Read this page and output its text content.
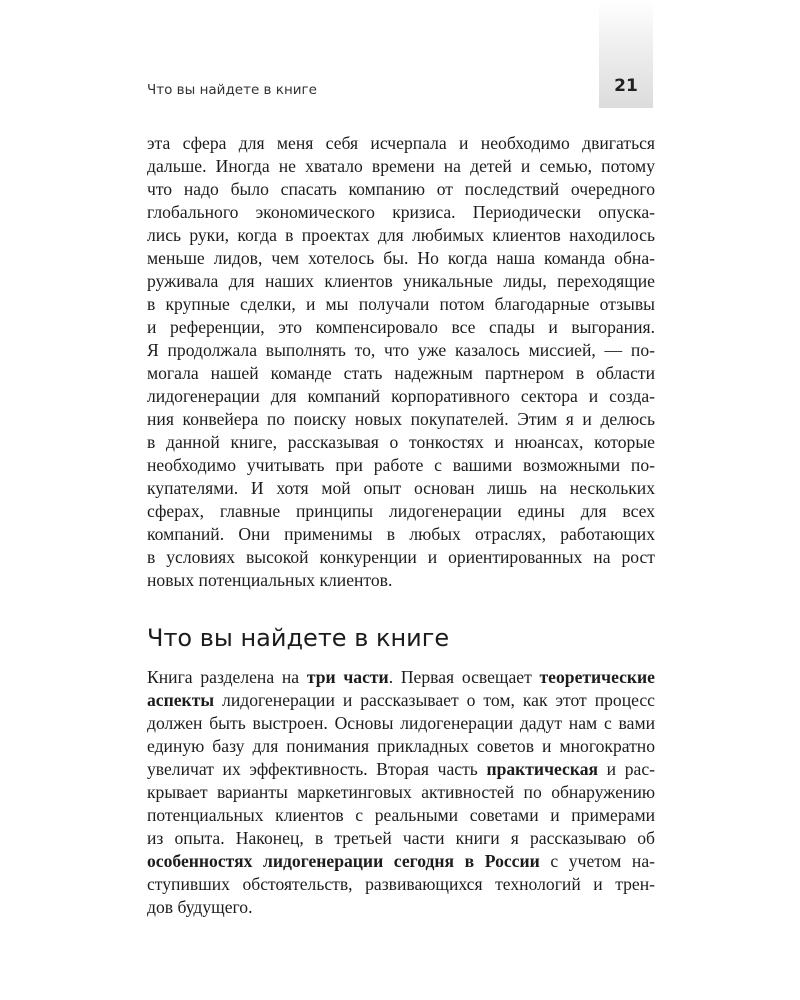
21
Что вы найдете в книге

эта сфера для меня себя исчерпала и необходимо двигаться
дальше. Иногда не хватало времени на детей и семью, потому
что надо было спасать компанию от последствий очередного
глобального экономического кризиса. Периодически опуска-
лись руки, когда в проектах для любимых клиентов находилось
меньше лидов, чем хотелось бы. Но когда наша команда обна-
руживала для наших клиентов уникальные лиды, переходящие
в крупные сделки, и мы получали потом благодарные отзывы
и референции, это компенсировало все спады и выгорания.
Я продолжала выполнять то, что уже казалось миссией, — по-
могала нашей команде стать надежным партнером в области
лидогенерации для компаний корпоративного сектора и созда-
ния конвейера по поиску новых покупателей. Этим я и делюсь
в данной книге, рассказывая о тонкостях и нюансах, которые
необходимо учитывать при работе с вашими возможными по-
купателями. И хотя мой опыт основан лишь на нескольких
сферах, главные принципы лидогенерации едины для всех
компаний. Они применимы в любых отраслях, работающих
в условиях высокой конкуренции и ориентированных на рост
новых потенциальных клиентов.

Что вы найдете в книге

Книга разделена на три части. Первая освещает теоретические
аспекты лидогенерации и рассказывает о том, как этот процесс
должен быть выстроен. Основы лидогенерации дадут нам с вами
единую базу для понимания прикладных советов и многократно
увеличат их эффективность. Вторая часть практическая и рас-
крывает варианты маркетинговых активностей по обнаружению
потенциальных клиентов с реальными советами и примерами
из опыта. Наконец, в третьей части книги я рассказываю об
особенностях лидогенерации сегодня в России с учетом на-
ступивших обстоятельств, развивающихся технологий и трен-
дов будущего.
